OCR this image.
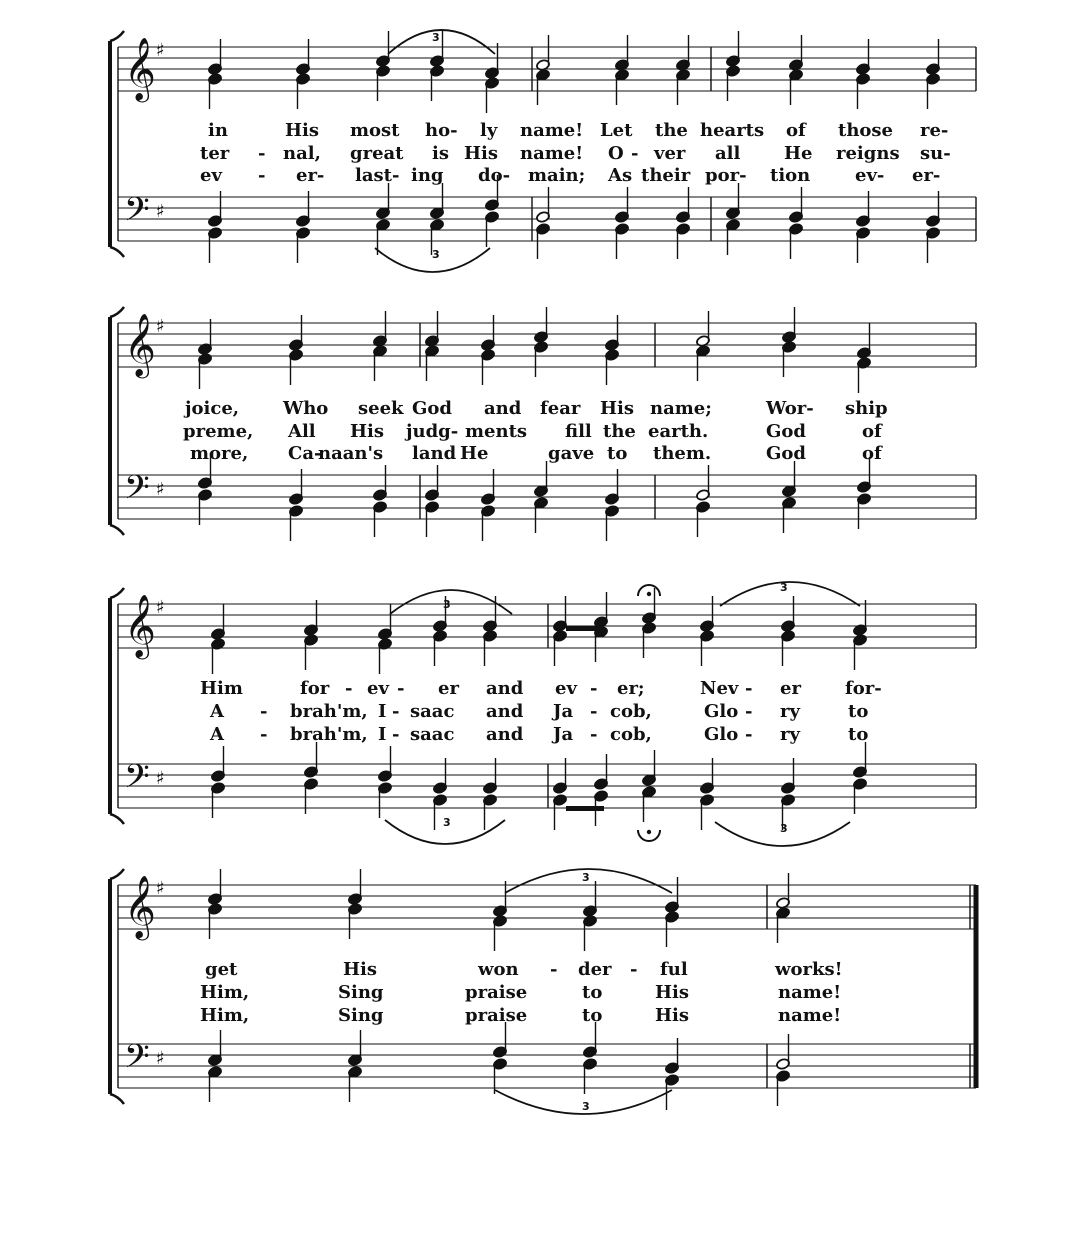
𝄞 ♯
𝄢 ♯
𝄞 ♯
𝄢 ♯
𝄞 ♯
𝄢 ♯
𝄞 ♯
𝄢 ♯
in	His most ho- ly name! Let the hearts of those re-
ter - nal, great is His name! O - ver all He reigns su-
ev - er- last- ing do- main; As their por- tion ev- er-
joice, Who seek God and fear His name;	Wor- ship
preme, All His judg- ments fill the earth.	God	of
more, Ca-
naan's land He	gave to them.	God	of
Him	for - ev - er and ev - er;	Nev - er for-
A - brah'm, I - saac and Ja - cob,	Glo - ry	to
A - brah'm, I - saac and Ja - cob,	Glo - ry	to
get	His	won - der - ful	works!
Him,	Sing	praise	to	His	name!
Him,	Sing	praise	to	His	name!
3
3
3
3
3	3
3
3
